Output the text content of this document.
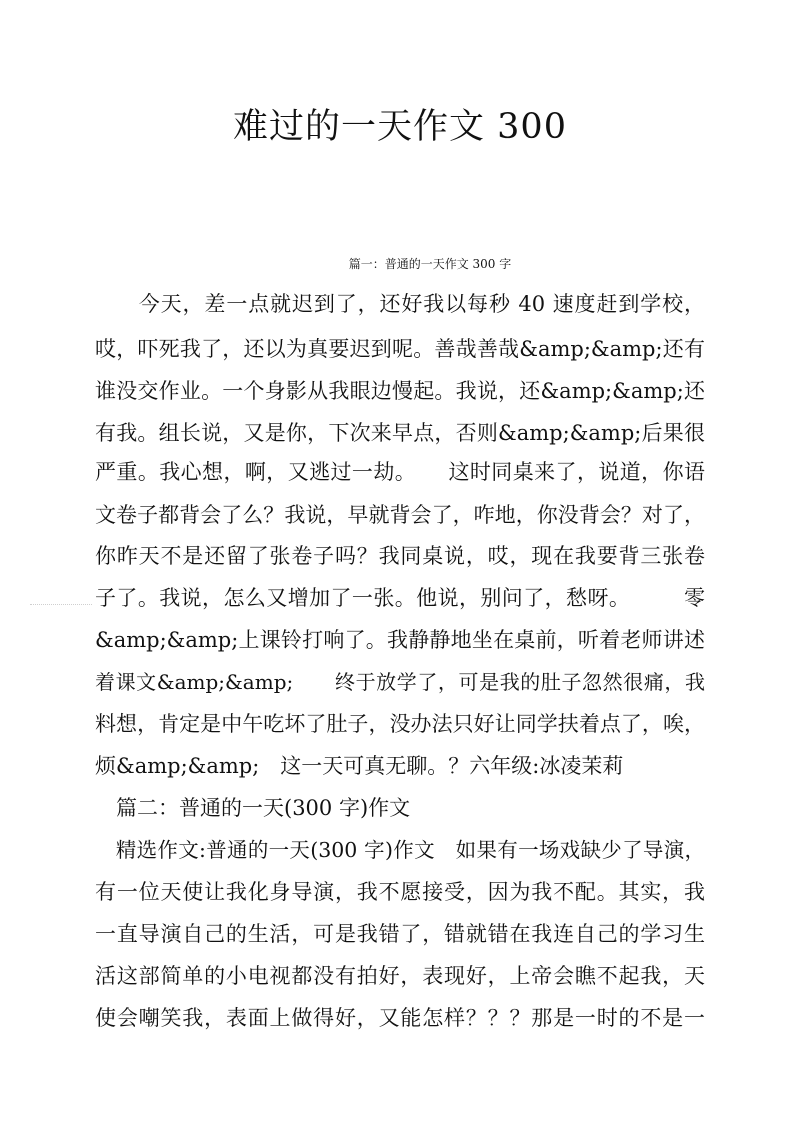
难过的一天作文 300
篇一：普通的一天作文 300 字
　　今天，差一点就迟到了，还好我以每秒 40 速度赶到学校，
哎，吓死我了，还以为真要迟到呢。善哉善哉&amp;&amp;还有
谁没交作业。一个身影从我眼边慢起。我说，还&amp;&amp;还
有我。组长说，又是你，下次来早点，否则&amp;&amp;后果很
严重。我心想，啊，又逃过一劫。　　这时同桌来了，说道，你语
文卷子都背会了么？我说，早就背会了，咋地，你没背会？对了，
你昨天不是还留了张卷子吗？我同桌说，哎，现在我要背三张卷
子了。我说，怎么又增加了一张。他说，别问了，愁呀。　　　零
&amp;&amp;上课铃打响了。我静静地坐在桌前，听着老师讲述
着课文&amp;&amp;　　终于放学了，可是我的肚子忽然很痛，我
料想，肯定是中午吃坏了肚子，没办法只好让同学扶着点了，唉，
烦&amp;&amp;　这一天可真无聊。？六年级:冰凌茉莉
　篇二：普通的一天(300 字)作文
　精选作文:普通的一天(300 字)作文　如果有一场戏缺少了导演，
有一位天使让我化身导演，我不愿接受，因为我不配。其实，我
一直导演自己的生活，可是我错了，错就错在我连自己的学习生
活这部简单的小电视都没有拍好，表现好，上帝会瞧不起我，天
使会嘲笑我，表面上做得好，又能怎样？？？那是一时的不是一
